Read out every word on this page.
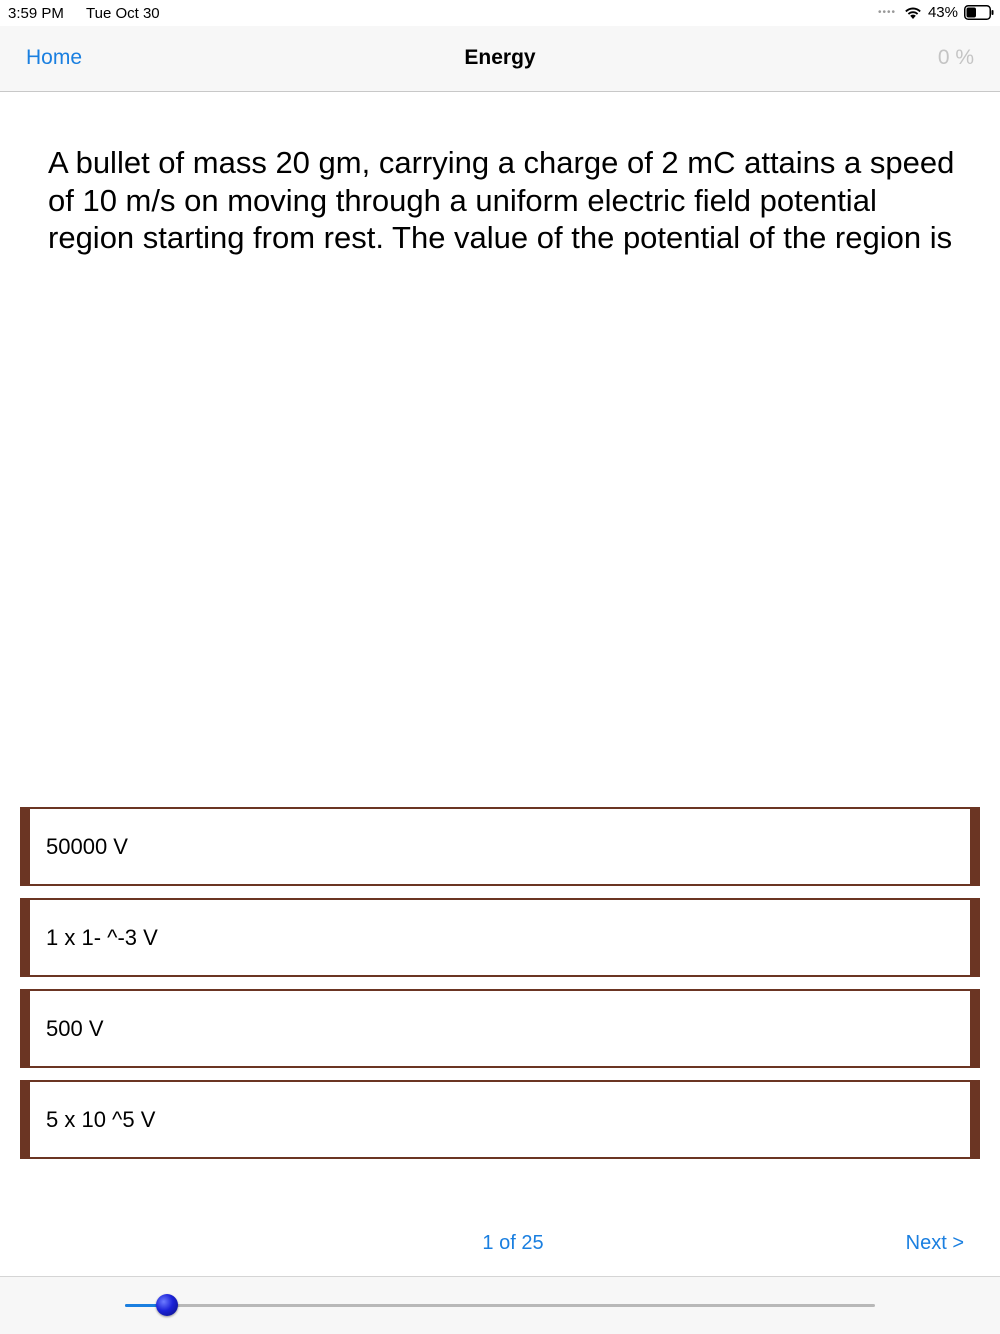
3:59 PM Tue Oct 30	•••• 43%
Home	Energy	0 %
A bullet of mass 20 gm, carrying a charge of 2 mC attains a speed of 10 m/s on moving through a uniform electric field potential region starting from rest. The value of the potential of the region is
50000 V
1 x 1- ^-3 V
500 V
5 x 10 ^5 V
1 of 25	Next >
